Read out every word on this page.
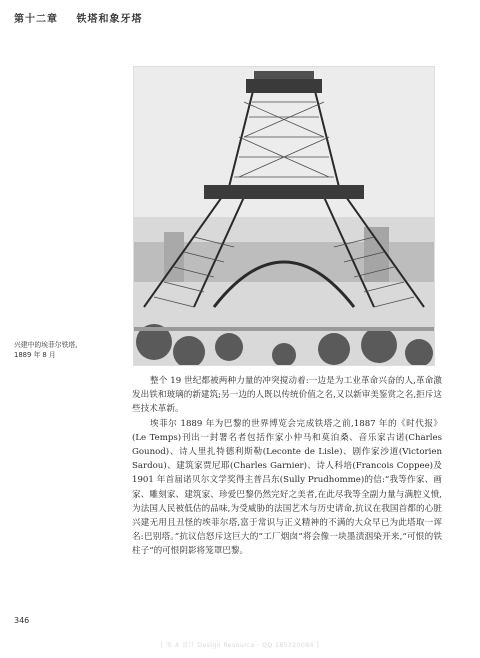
第十二章 铁塔和象牙塔
兴建中的埃菲尔铁塔,
1889 年 8 月

整个 19 世纪都被两种力量的冲突搅动着:一边是为工业革命兴奋的人,革命激发出铁和玻璃的新建筑;另一边的人既以传统价值之名,又以新审美鉴赏之名,拒斥这些技术革新。

埃菲尔 1889 年为巴黎的世界博览会完成铁塔之前,1887 年的《时代报》(Le Temps)刊出一封署名者包括作家小仲马和莫泊桑、音乐家古诺(Charles Gounod)、诗人里扎特德利斯勒(Leconte de Lisle)、剧作家沙道(Victorien Sardou)、建筑家贾尼耶(Charles Garnier)、诗人科培(Francois Coppee)及 1901 年首届诺贝尔文学奖得主普吕东(Sully Prudhomme)的信:“我等作家、画家、雕刻家、建筑家、珍爱巴黎仍然完好之美者,在此尽我等全副力量与满腔义愤,为法国人民被低估的品味,为受威胁的法国艺术与历史请命,抗议在我国首都的心脏兴建无用且丑怪的埃菲尔塔,富于常识与正义精神的不满的大众早已为此塔取一诨名:巴别塔。”抗议信怒斥这巨大的“工厂烟囱”将会像一块墨渍洇染开来,“可恨的铁柱子”的可恨阴影将笼罩巴黎。

346
[ 零 A 设计 Design Resource · QQ 185320084 ]
